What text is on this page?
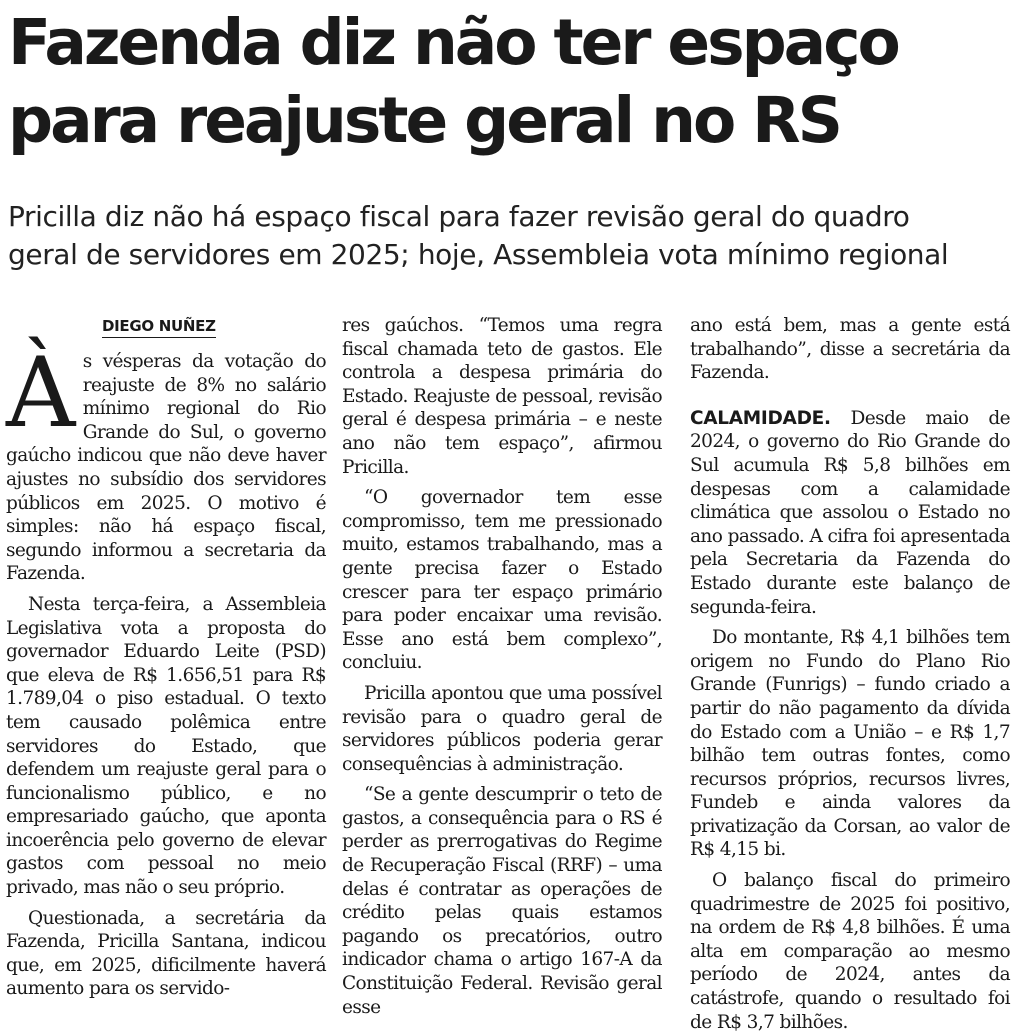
Fazenda diz não ter espaço
para reajuste geral no RS
Pricilla diz não há espaço fiscal para fazer revisão geral do quadro
geral de servidores em 2025; hoje, Assembleia vota mínimo regional
DIEGO NUÑEZ

Às vésperas da votação do reajuste de 8% no salário mínimo regional do Rio Grande do Sul, o governo gaúcho indicou que não deve haver ajustes no subsídio dos servidores públicos em 2025. O motivo é simples: não há espaço fiscal, segundo informou a secretaria da Fazenda.

Nesta terça-feira, a Assembleia Legislativa vota a proposta do governador Eduardo Leite (PSD) que eleva de R$ 1.656,51 para R$ 1.789,04 o piso estadual. O texto tem causado polêmica entre servidores do Estado, que defendem um reajuste geral para o funcionalismo público, e no empresariado gaúcho, que aponta incoerência pelo governo de elevar gastos com pessoal no meio privado, mas não o seu próprio.

Questionada, a secretária da Fazenda, Pricilla Santana, indicou que, em 2025, dificilmente haverá aumento para os servido-

res gaúchos. “Temos uma regra fiscal chamada teto de gastos. Ele controla a despesa primária do Estado. Reajuste de pessoal, revisão geral é despesa primária – e neste ano não tem espaço”, afirmou Pricilla.

“O governador tem esse compromisso, tem me pressionado muito, estamos trabalhando, mas a gente precisa fazer o Estado crescer para ter espaço primário para poder encaixar uma revisão. Esse ano está bem complexo”, concluiu.

Pricilla apontou que uma possível revisão para o quadro geral de servidores públicos poderia gerar consequências à administração.

“Se a gente descumprir o teto de gastos, a consequência para o RS é perder as prerrogativas do Regime de Recuperação Fiscal (RRF) – uma delas é contratar as operações de crédito pelas quais estamos pagando os precatórios, outro indicador chama o artigo 167-A da Constituição Federal. Revisão geral esse

ano está bem, mas a gente está trabalhando”, disse a secretária da Fazenda.

CALAMIDADE. Desde maio de 2024, o governo do Rio Grande do Sul acumula R$ 5,8 bilhões em despesas com a calamidade climática que assolou o Estado no ano passado. A cifra foi apresentada pela Secretaria da Fazenda do Estado durante este balanço de segunda-feira.

Do montante, R$ 4,1 bilhões tem origem no Fundo do Plano Rio Grande (Funrigs) – fundo criado a partir do não pagamento da dívida do Estado com a União – e R$ 1,7 bilhão tem outras fontes, como recursos próprios, recursos livres, Fundeb e ainda valores da privatização da Corsan, ao valor de R$ 4,15 bi.

O balanço fiscal do primeiro quadrimestre de 2025 foi positivo, na ordem de R$ 4,8 bilhões. É uma alta em comparação ao mesmo período de 2024, antes da catástrofe, quando o resultado foi de R$ 3,7 bilhões.
